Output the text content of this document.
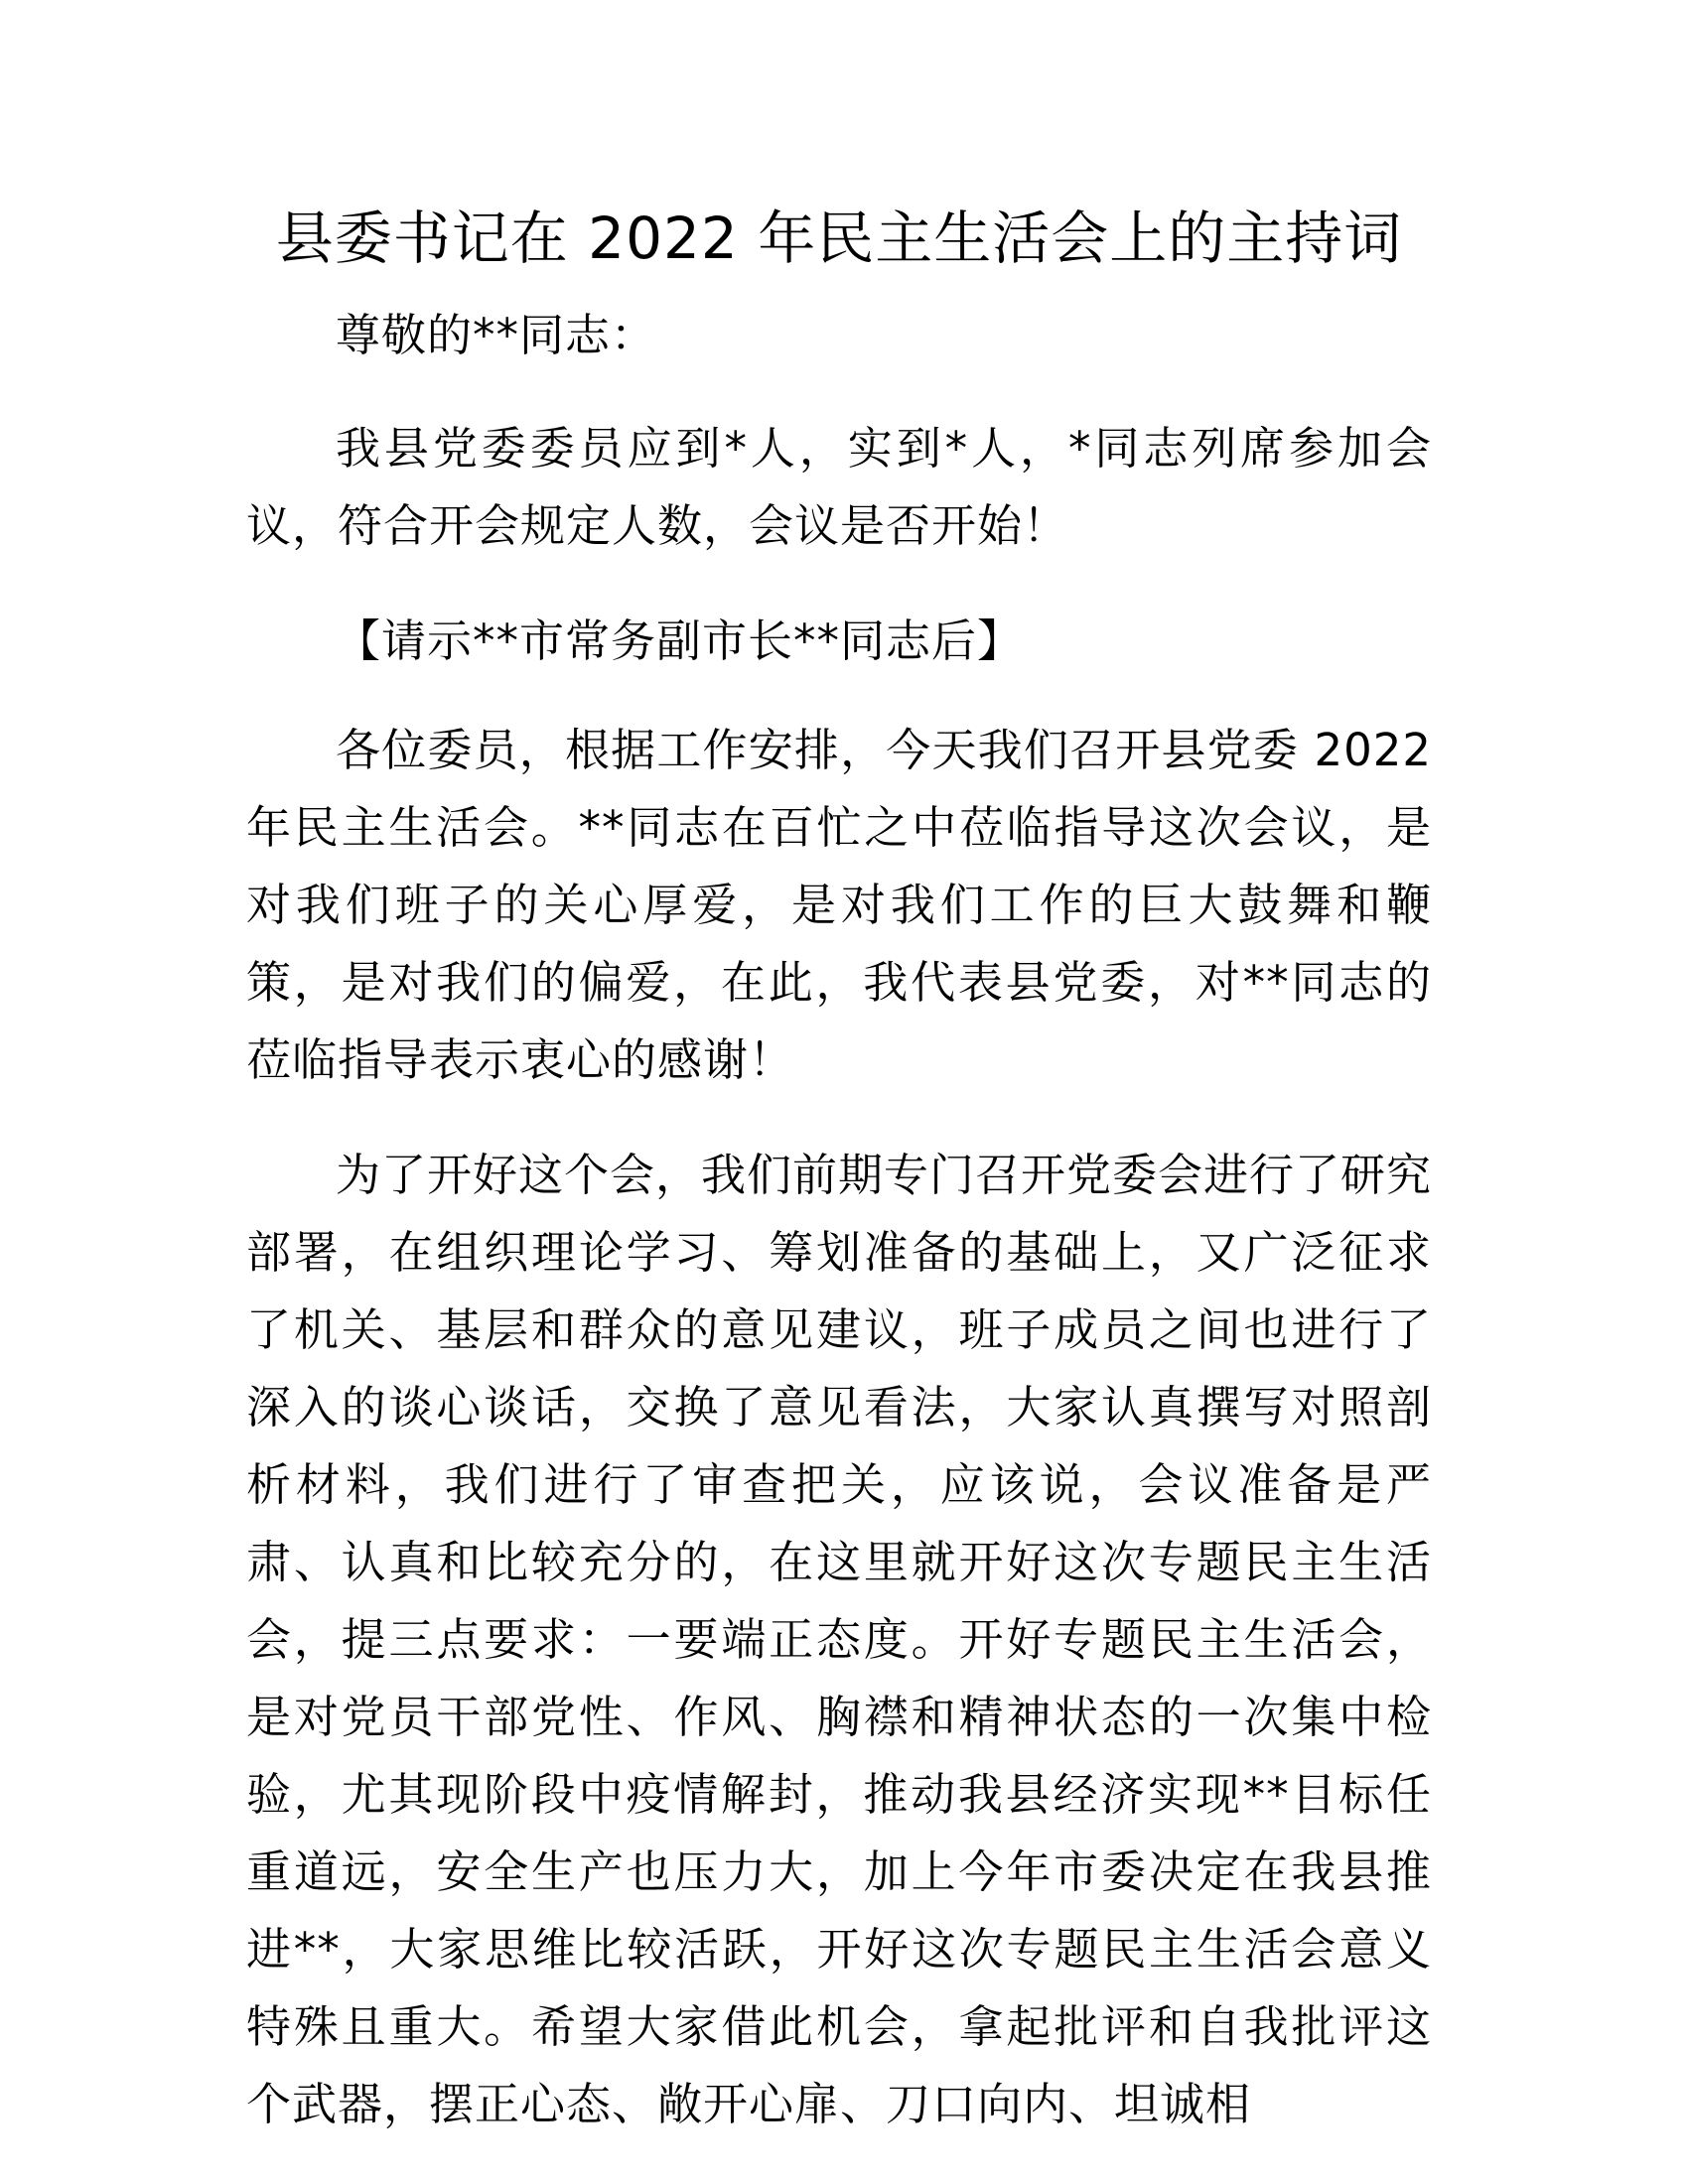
县委书记在 2022 年民主生活会上的主持词

尊敬的**同志：

我县党委委员应到*人，实到*人，*同志列席参加会议，符合开会规定人数，会议是否开始！

【请示**市常务副市长**同志后】

各位委员，根据工作安排，今天我们召开县党委 2022 年民主生活会。**同志在百忙之中莅临指导这次会议，是对我们班子的关心厚爱，是对我们工作的巨大鼓舞和鞭策，是对我们的偏爱，在此，我代表县党委，对**同志的莅临指导表示衷心的感谢！

为了开好这个会，我们前期专门召开党委会进行了研究部署，在组织理论学习、筹划准备的基础上，又广泛征求了机关、基层和群众的意见建议，班子成员之间也进行了深入的谈心谈话，交换了意见看法，大家认真撰写对照剖析材料，我们进行了审查把关，应该说，会议准备是严肃、认真和比较充分的，在这里就开好这次专题民主生活会，提三点要求：一要端正态度。开好专题民主生活会，是对党员干部党性、作风、胸襟和精神状态的一次集中检验，尤其现阶段中疫情解封，推动我县经济实现**目标任重道远，安全生产也压力大，加上今年市委决定在我县推进**，大家思维比较活跃，开好这次专题民主生活会意义特殊且重大。希望大家借此机会，拿起批评和自我批评这个武器，摆正心态、敞开心扉、刀口向内、坦诚相
